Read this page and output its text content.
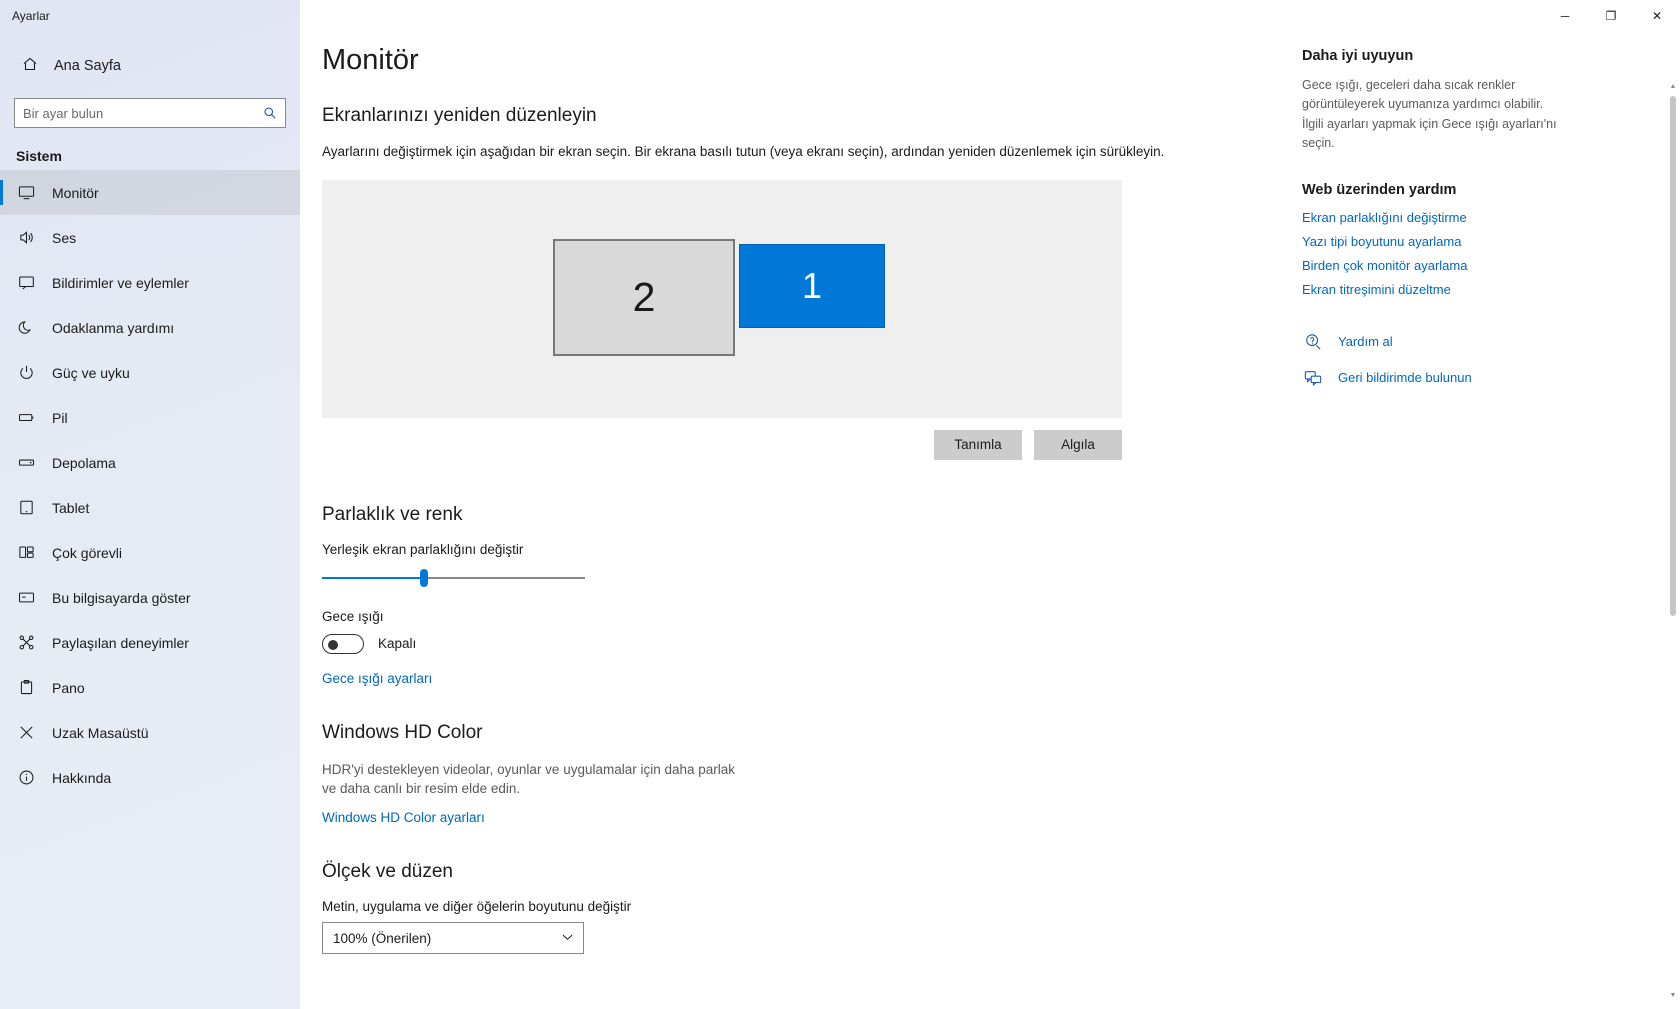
Ayarlar	─	❐	✕
Ana Sayfa
Bir ayar bulun
Sistem
Monitör
Ses
Bildirimler ve eylemler
Odaklanma yardımı
Güç ve uyku
Pil
Depolama
Tablet
Çok görevli
Bu bilgisayarda göster
Paylaşılan deneyimler
Pano
Uzak Masaüstü
Hakkında
Monitör
Ekranlarınızı yeniden düzenleyin

Ayarlarını değiştirmek için aşağıdan bir ekran seçin. Bir ekrana basılı tutun (veya ekranı seçin), ardından yeniden düzenlemek için sürükleyin.

2	1
Tanımla	Algıla
Parlaklık ve renk

Yerleşik ekran parlaklığını değiştir

Gece ışığı

Kapalı
Gece ışığı ayarları
Windows HD Color

HDR'yi destekleyen videolar, oyunlar ve uygulamalar için daha parlak ve daha canlı bir resim elde edin.

Windows HD Color ayarları
Ölçek ve düzen

Metin, uygulama ve diğer öğelerin boyutunu değiştir

100% (Önerilen)
Daha iyi uyuyun

Gece ışığı, geceleri daha sıcak renkler görüntüleyerek uyumanıza yardımcı olabilir. İlgili ayarları yapmak için Gece ışığı ayarları'nı seçin.

Web üzerinden yardım
Ekran parlaklığını değiştirme
Yazı tipi boyutunu ayarlama
Birden çok monitör ayarlama
Ekran titreşimini düzeltme
Yardım al
Geri bildirimde bulunun
▲
▼
